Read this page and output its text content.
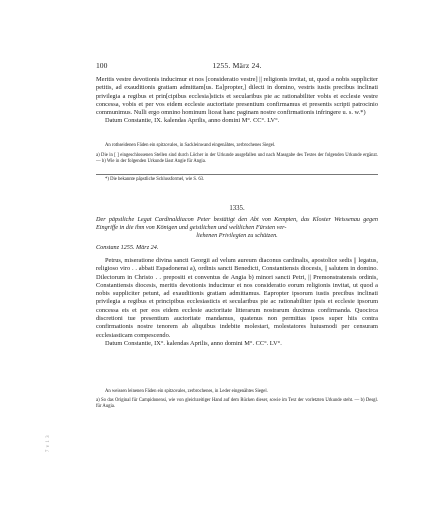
100	1255. März 24.

Meritis vestre devotionis inducimur et nos [consideratio vestre] || religionis invitat, ut, quod a nobis suppliciter petitis, ad exauditionis gratiam admittam[us. Ea]propter,] dilecti in domino, vestris iustis precibus inclinati privilegia a regibus et prin[cipibus ecclesia]sticis et secularibus pie ac rationabiliter vobis et ecclesie vestre concessa, vobis et per vos eidem ecclesie auctoritate presentium confirmamus et presentis scripti patrocinio communimus. Nulli ergo omnino hominum liceat hanc paginam nostre confirmationis infringere u. s. w.*)

Datum Constantie, IX. kalendas Aprilis, anno domini M°. CC°. LV°.

An rothseidenen Fäden ein spitzovales, in Sackleinwand eingenähtes, zerbrochenes Siegel.

a) Die in [ ] eingeschlossenen Stellen sind durch Löcher in der Urkunde ausgefallen und nach Massgabe des Textes der folgenden Urkunde ergänzt. — b) Wie in der folgenden Urkunde lässt Angie für Angia.

*) Die bekannte päpstliche Schlussformel, wie S. 63.

1335.
Der päpstliche Legat Cardinaldiacon Peter bestätigt den Abt von Kempten, das Kloster Weissenau gegen Eingriffe in die ihm von Königen und geistlichen und weltlichen Fürsten ver-
liehenen Privilegien zu schützen.
Constanz 1255. März 24.

Petrus, miseratione divina sancti Georgii ad velum aureum diaconus cardinalis, apostolice sedis || legatus, religioso viro . . abbati Espadonensi a), ordinis sancti Benedicti, Constantiensis diocesis, || salutem in domino. Dilectorum in Christo . . prepositi et conventus de Angia b) minori sancti Petri, || Premonstratensis ordinis, Constantiensis diocesis, meritis devotionis inducimur et nos consideratio eorum religionis invitat, ut quod a nobis suppliciter petunt, ad exauditionis gratiam admittamus. Eapropter ipsorum iustis precibus inclinati privilegia a regibus et principibus ecclesiasticis et secularibus pie ac rationabiliter ipsis et ecclesie ipsorum concessa eis et per eos eidem ecclesie auctoritate litterarum nostrarum duximus confirmanda. Quocirca discretioni tue presentium auctoritate mandamus, quatenus non permittas ipsos super hiis contra confirmationis nostre tenorem ab aliquibus indebite molestari, molestatores huiusmodi per censuram ecclesiasticam compescendo.

Datum Constantie, IX°. kalendas Aprilis, anno domini M°. CC°. LV°.

An weissen leinenen Fäden ein spitzovales, zerbrochenes, in Leder eingenähtes Siegel.

a) So das Original für Campidonensi, wie von gleichzeitiger Hand auf dem Rücken dieser, sowie im Text der vorletzten Urkunde steht. — b) Desgl. für Augia.

7 v 1 3
